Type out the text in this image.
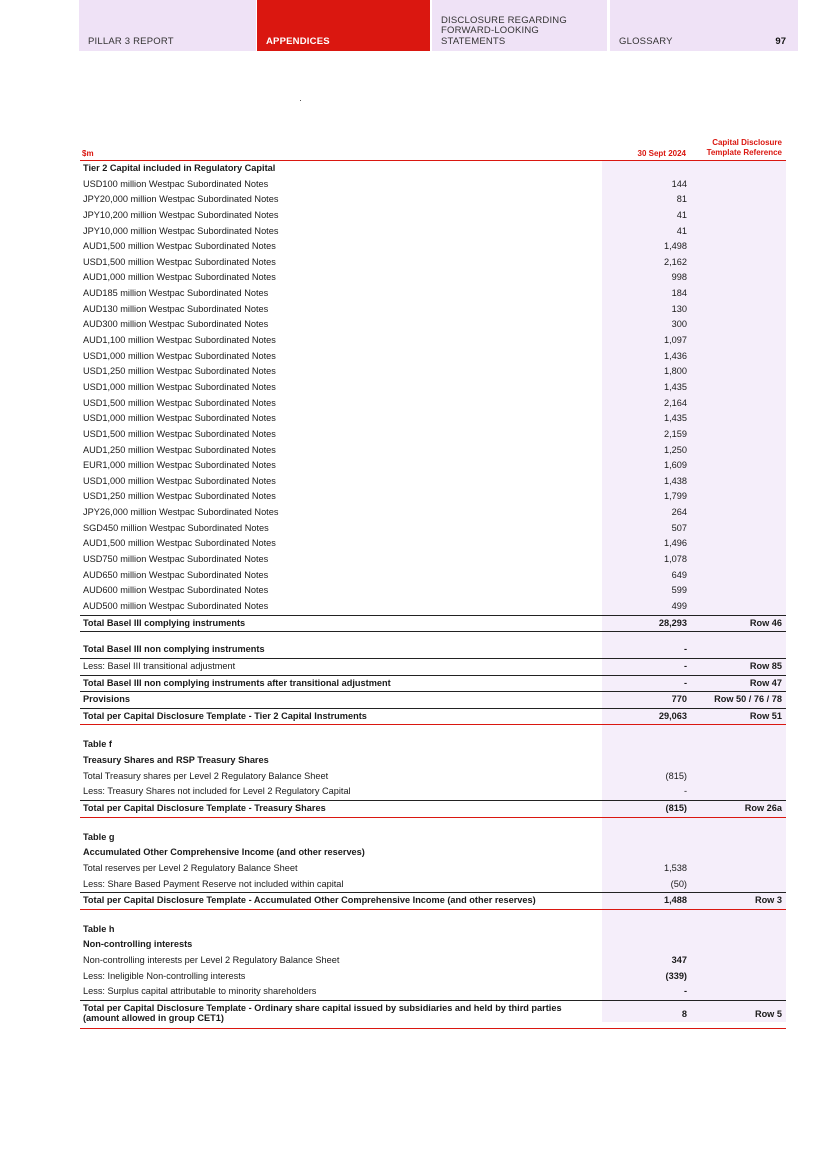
PILLAR 3 REPORT	APPENDICES
DISCLOSURE REGARDING FORWARD-LOOKING STATEMENTS	GLOSSARY	97
$m	30 Sept 2024
Capital Disclosure Template Reference
Tier 2 Capital included in Regulatory Capital
USD100 million Westpac Subordinated Notes	144
JPY20,000 million Westpac Subordinated Notes	81
JPY10,200 million Westpac Subordinated Notes	41
JPY10,000 million Westpac Subordinated Notes	41
AUD1,500 million Westpac Subordinated Notes	1,498
USD1,500 million Westpac Subordinated Notes	2,162
AUD1,000 million Westpac Subordinated Notes	998
AUD185 million Westpac Subordinated Notes	184
AUD130 million Westpac Subordinated Notes	130
AUD300 million Westpac Subordinated Notes	300
AUD1,100 million Westpac Subordinated Notes	1,097
USD1,000 million Westpac Subordinated Notes	1,436
USD1,250 million Westpac Subordinated Notes	1,800
USD1,000 million Westpac Subordinated Notes	1,435
USD1,500 million Westpac Subordinated Notes	2,164
USD1,000 million Westpac Subordinated Notes	1,435
USD1,500 million Westpac Subordinated Notes	2,159
AUD1,250 million Westpac Subordinated Notes	1,250
EUR1,000 million Westpac Subordinated Notes	1,609
USD1,000 million Westpac Subordinated Notes	1,438
USD1,250 million Westpac Subordinated Notes	1,799
JPY26,000 million Westpac Subordinated Notes	264
SGD450 million Westpac Subordinated Notes	507
AUD1,500 million Westpac Subordinated Notes	1,496
USD750 million Westpac Subordinated Notes	1,078
AUD650 million Westpac Subordinated Notes	649
AUD600 million Westpac Subordinated Notes	599
AUD500 million Westpac Subordinated Notes	499
Total Basel III complying instruments	28,293	Row 46
Total Basel III non complying instruments	-
Less: Basel III transitional adjustment	-	Row 85
Total Basel III non complying instruments after transitional adjustment	-	Row 47
Provisions	770	Row 50 / 76 / 78
Total per Capital Disclosure Template - Tier 2 Capital Instruments	29,063	Row 51
Table f
Treasury Shares and RSP Treasury Shares
Total Treasury shares per Level 2 Regulatory Balance Sheet	(815)
Less: Treasury Shares not included for Level 2 Regulatory Capital	-
Total per Capital Disclosure Template - Treasury Shares	(815)	Row 26a
Table g
Accumulated Other Comprehensive Income (and other reserves)
Total reserves per Level 2 Regulatory Balance Sheet	1,538
Less: Share Based Payment Reserve not included within capital	(50)
Total per Capital Disclosure Template - Accumulated Other Comprehensive Income (and other reserves)	1,488	Row 3
Table h
Non-controlling interests
Non-controlling interests per Level 2 Regulatory Balance Sheet	347
Less: Ineligible Non-controlling interests	(339)
Less: Surplus capital attributable to minority shareholders	-
Total per Capital Disclosure Template - Ordinary share capital issued by subsidiaries and held by third parties (amount allowed in group CET1)	8	Row 5
